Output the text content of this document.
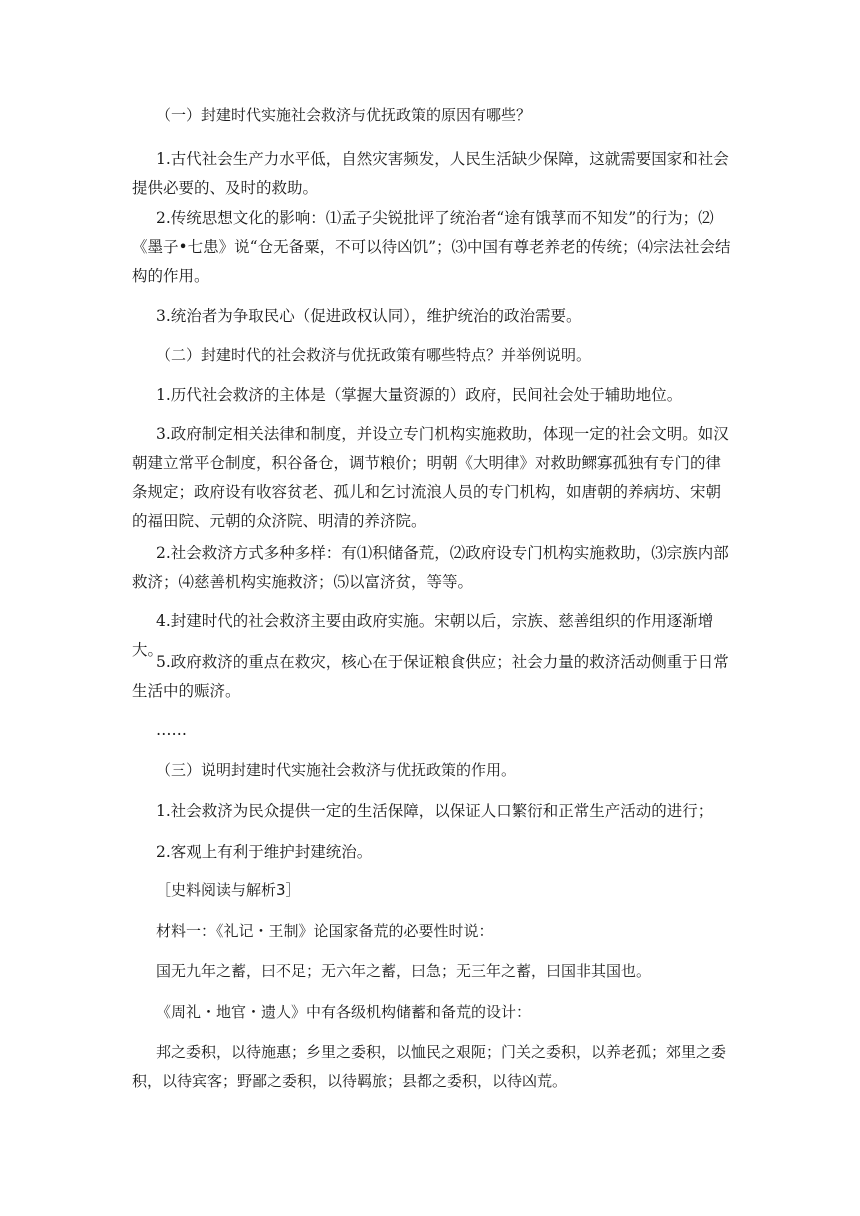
（一）封建时代实施社会救济与优抚政策的原因有哪些？

1.古代社会生产力水平低，自然灾害频发，人民生活缺少保障，这就需要国家和社会提供必要的、及时的救助。

2.传统思想文化的影响：⑴孟子尖锐批评了统治者“途有饿莩而不知发”的行为；⑵《墨子•七患》说“仓无备粟，不可以待凶饥”；⑶中国有尊老养老的传统；⑷宗法社会结构的作用。

3.统治者为争取民心（促进政权认同），维护统治的政治需要。

（二）封建时代的社会救济与优抚政策有哪些特点？并举例说明。

1.历代社会救济的主体是（掌握大量资源的）政府，民间社会处于辅助地位。

3.政府制定相关法律和制度，并设立专门机构实施救助，体现一定的社会文明。如汉朝建立常平仓制度，积谷备仓，调节粮价；明朝《大明律》对救助鳏寡孤独有专门的律条规定；政府设有收容贫老、孤儿和乞讨流浪人员的专门机构，如唐朝的养病坊、宋朝的福田院、元朝的众济院、明清的养济院。

2.社会救济方式多种多样：有⑴积储备荒，⑵政府设专门机构实施救助，⑶宗族内部救济；⑷慈善机构实施救济；⑸以富济贫，等等。

4.封建时代的社会救济主要由政府实施。宋朝以后，宗族、慈善组织的作用逐渐增大。

5.政府救济的重点在救灾，核心在于保证粮食供应；社会力量的救济活动侧重于日常生活中的赈济。

……

（三）说明封建时代实施社会救济与优抚政策的作用。

1.社会救济为民众提供一定的生活保障，以保证人口繁衍和正常生产活动的进行；

2.客观上有利于维护封建统治。

［史料阅读与解析3］

材料一：《礼记・王制》论国家备荒的必要性时说：

国无九年之蓄，曰不足；无六年之蓄，曰急；无三年之蓄，曰国非其国也。

《周礼・地官・遗人》中有各级机构储蓄和备荒的设计：

邦之委积，以待施惠；乡里之委积，以恤民之艰阨；门关之委积，以养老孤；郊里之委积，以待宾客；野鄙之委积，以待羁旅；县都之委积，以待凶荒。
